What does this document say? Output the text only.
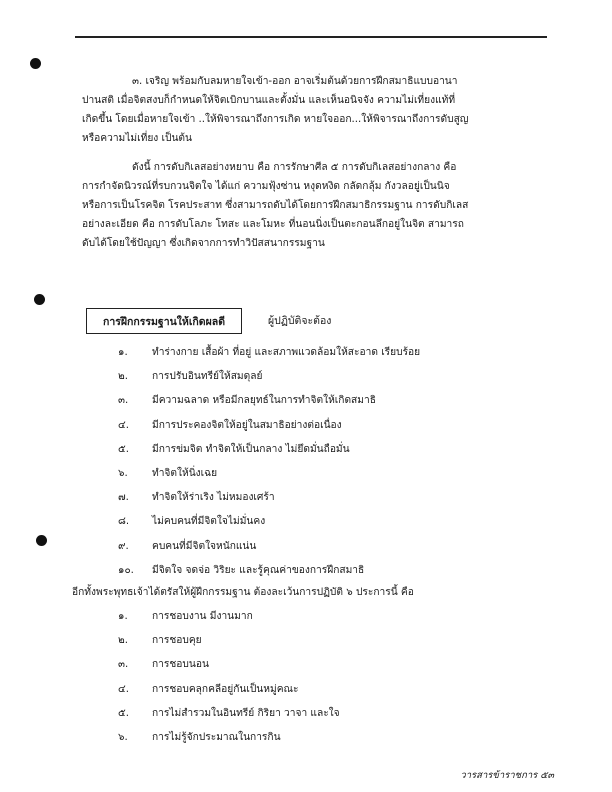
๓. เจริญ พร้อมกับลมหายใจเข้า-ออก อาจเริ่มต้นด้วยการฝึกสมาธิแบบอานา
ปานสติ เมื่อจิตสงบก็กำหนดให้จิตเบิกบานและตั้งมั่น และเห็นอนิจจัง ความไม่เที่ยงแท้ที่
เกิดขึ้น โดยเมื่อหายใจเข้า ..ให้พิจารณาถึงการเกิด หายใจออก...ให้พิจารณาถึงการดับสูญ
หรือความไม่เที่ยง เป็นต้น
ดังนี้ การดับกิเลสอย่างหยาบ คือ การรักษาศีล ๕ การดับกิเลสอย่างกลาง คือ
การกำจัดนิวรณ์ที่รบกวนจิตใจ ได้แก่ ความฟุ้งซ่าน หงุดหงิด กลัดกลุ้ม กังวลอยู่เป็นนิจ
หรือการเป็นโรคจิต โรคประสาท ซึ่งสามารถดับได้โดยการฝึกสมาธิกรรมฐาน การดับกิเลส
อย่างละเอียด คือ การดับโลภะ โทสะ และโมหะ ที่นอนนิ่งเป็นตะกอนลึกอยู่ในจิต สามารถ
ดับได้โดยใช้ปัญญา ซึ่งเกิดจากการทำวิปัสสนากรรมฐาน
การฝึกกรรมฐานให้เกิดผลดี	ผู้ปฏิบัติจะต้อง
๑.	ทำร่างกาย เสื้อผ้า ที่อยู่ และสภาพแวดล้อมให้สะอาด เรียบร้อย
๒.	การปรับอินทรีย์ให้สมดุลย์
๓.	มีความฉลาด หรือมีกลยุทธ์ในการทำจิตให้เกิดสมาธิ
๔.	มีการประคองจิตให้อยู่ในสมาธิอย่างต่อเนื่อง
๕.	มีการข่มจิต ทำจิตให้เป็นกลาง ไม่ยึดมั่นถือมั่น
๖.	ทำจิตให้นิ่งเฉย
๗.	ทำจิตให้ร่าเริง ไม่หมองเศร้า
๘.	ไม่คบคนที่มีจิตใจไม่มั่นคง
๙.	คบคนที่มีจิตใจหนักแน่น
๑๐.	มีจิตใจ จดจ่อ วิริยะ และรู้คุณค่าของการฝึกสมาธิ
อีกทั้งพระพุทธเจ้าได้ตรัสให้ผู้ฝึกกรรมฐาน ต้องละเว้นการปฏิบัติ ๖ ประการนี้ คือ
๑.	การชอบงาน มีงานมาก
๒.	การชอบคุย
๓.	การชอบนอน
๔.	การชอบคลุกคลีอยู่กันเป็นหมู่คณะ
๕.	การไม่สำรวมในอินทรีย์ กิริยา วาจา และใจ
๖.	การไม่รู้จักประมาณในการกิน
วารสารข้าราชการ ๕๓
